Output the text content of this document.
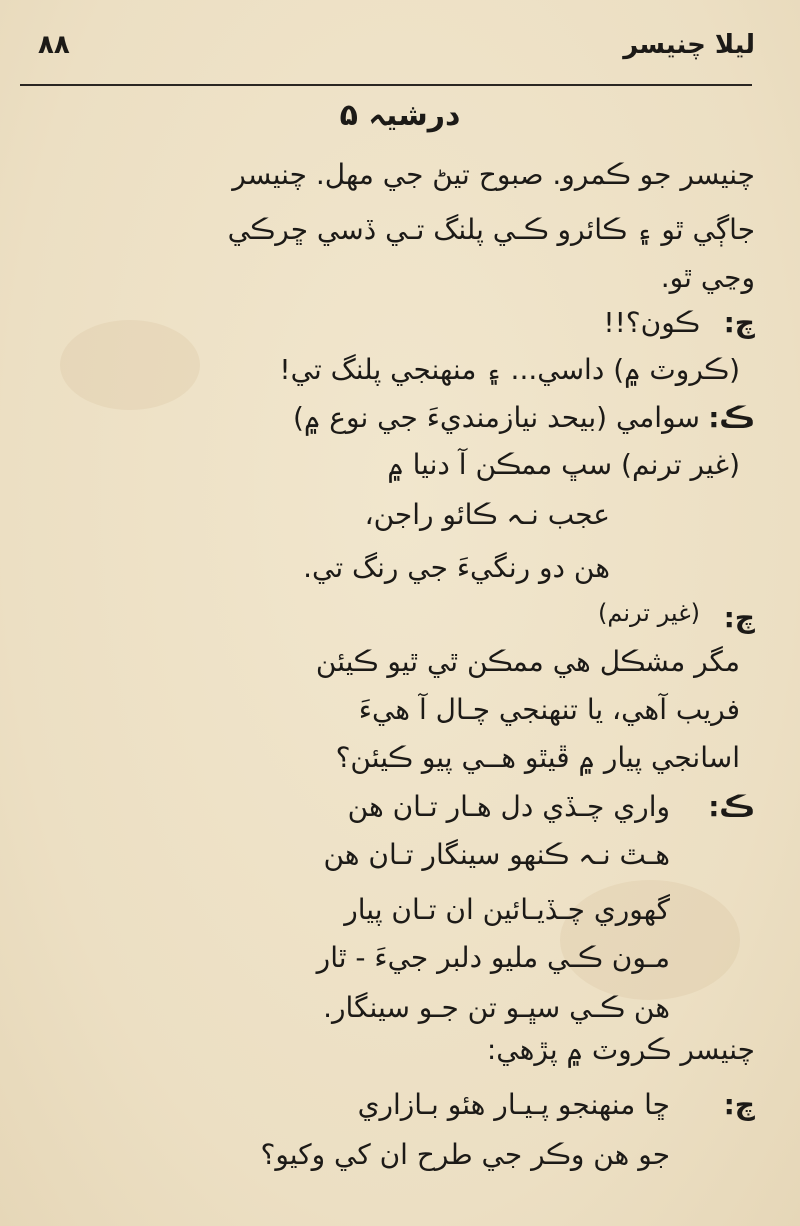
۸۸	ليلا چنيسر
درشيہ ۵
چنيسر جو ڪمرو. صبوح تيڻ جي مهل. چنيسر
جاڳي ٿو ۽ ڪائرو ڪـي پلنگ تـي ڏسي ڇرڪي
وڃي ٿو.
چ:
ڪون؟!!
(ڪروٽ ۾) داسي... ۽ منهنجي پلنگ تي!
ڪ:
سوامي (بيحد نيازمنديءَ جي نوع ۾)
(غير ترنم) سڀ ممڪن آ دنيا ۾
عجب نـہ ڪائو راجن،
هن دو رنگيءَ جي رنگ تي.
چ:
(غير ترنم)
مگر مشڪل هي ممڪن ٿي ٿيو ڪيئن
فريب آهي، يا تنهنجي چـال آ هيءَ
اسانجي پيار ۾ ڦيٿو هــي پيو ڪيئن؟
ڪ:
واري چـڏي دل هـار تـان هن
هـٿ نـہ ڪنهو سينگار تـان هن
گهوري چـڏيـائين ان تـان پيار
مـون ڪـي مليو دلبر جيءَ - ٿار
هن ڪـي سڀـو تن جـو سينگار.
چنيسر ڪروٽ ۾ پڙهي:
چ:
ڇا منهنجو پـيـار هئو بـازاري
جو هن وڪر جي طرح ان کي وکيو؟
